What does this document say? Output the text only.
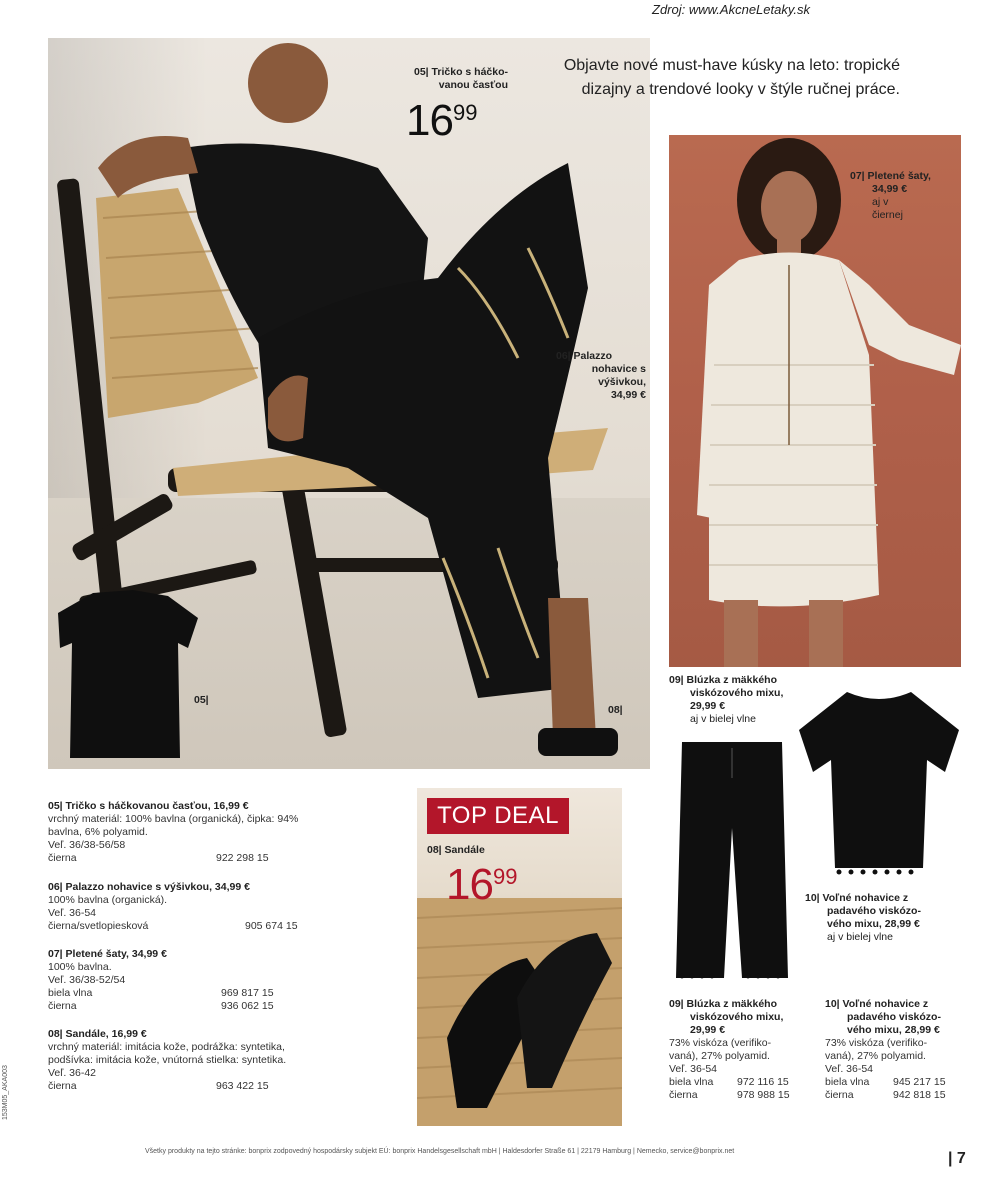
Zdroj: www.AkcneLetaky.sk
Objavte nové must-have kúsky na leto: tropické
dizajny a trendové looky v štýle ručnej práce.
05| Tričko s háčko-
vanou časťou
1699
06| Palazzo
nohavice s
výšivkou,
34,99 €
05|
08|
07| Pletené šaty,
34,99 €
aj v
čiernej
09| Blúzka z mäkkého
viskózového mixu,
29,99 €
aj v bielej vlne
10| Voľné nohavice z
padavého viskózo-
vého mixu, 28,99 €
aj v bielej vlne
TOP DEAL
08| Sandále
1699
05| Tričko s háčkovanou časťou, 16,99 €
vrchný materiál: 100% bavlna (organická), čipka: 94%
bavlna, 6% polyamid.
Veľ. 36/38-56/58
čierna	922 298 15
06| Palazzo nohavice s výšivkou, 34,99 €
100% bavlna (organická).
Veľ. 36-54
čierna/svetlopiesková	905 674 15
07| Pletené šaty, 34,99 €
100% bavlna.
Veľ. 36/38-52/54
biela vlna	969 817 15
čierna	936 062 15
08| Sandále, 16,99 €
vrchný materiál: imitácia kože, podrážka: syntetika,
podšívka: imitácia kože, vnútorná stielka: syntetika.
Veľ. 36-42
čierna	963 422 15
09| Blúzka z mäkkého
viskózového mixu,
29,99 €
73% viskóza (verifiko-
vaná), 27% polyamid.
Veľ. 36-54
biela vlna	972 116 15
čierna	978 988 15
10| Voľné nohavice z
padavého viskózo-
vého mixu, 28,99 €
73% viskóza (verifiko-
vaná), 27% polyamid.
Veľ. 36-54
biela vlna	945 217 15
čierna	942 818 15
Všetky produkty na tejto stránke: bonprix zodpovedný hospodársky subjekt EÚ: bonprix Handelsgesellschaft mbH | Haldesdorfer Straße 61 | 22179 Hamburg | Nemecko, service@bonprix.net	| 7
153M05_AKA003
